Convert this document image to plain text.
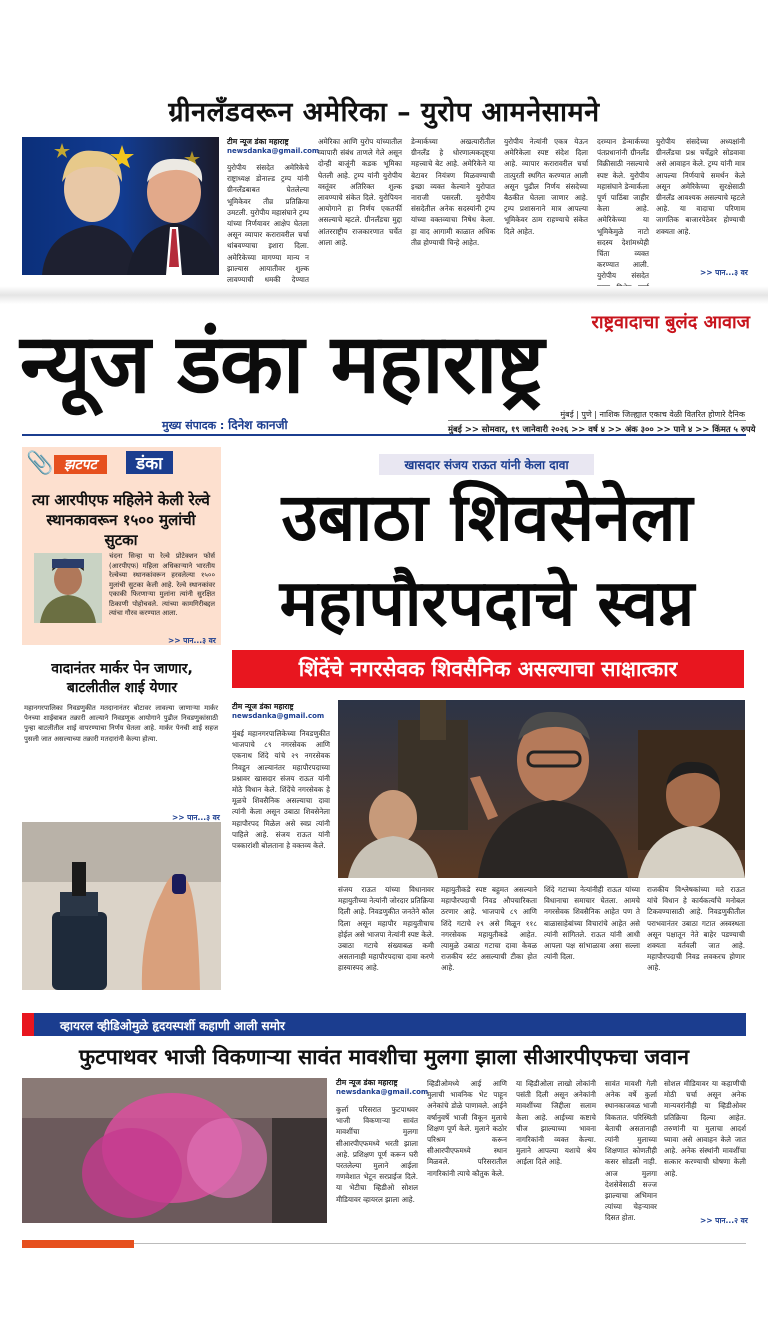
ग्रीनलँडवरून अमेरिका – युरोप आमनेसामने
टीम न्यूज डंका महाराष्ट्र
newsdanka@gmail.com
युरोपीय संसदेत अमेरिकेचे राष्ट्राध्यक्ष डोनाल्ड ट्रम्प यांनी ग्रीनलँडबाबत घेतलेल्या भूमिकेवर तीव्र प्रतिक्रिया उमटली. युरोपीय महासंघाने ट्रम्प यांच्या निर्णयावर आक्षेप घेतला असून व्यापार करारावरील चर्चा थांबवण्याचा इशारा दिला. अमेरिकेच्या मागण्या मान्य न झाल्यास आयातीवर शुल्क लावण्याची धमकी देण्यात
अमेरिका आणि युरोप यांच्यातील व्यापारी संबंध ताणले गेले असून दोन्ही बाजूंनी कडक भूमिका घेतली आहे. ट्रम्प यांनी युरोपीय वस्तूंवर अतिरिक्त शुल्क लावण्याचे संकेत दिले. युरोपियन आयोगाने हा निर्णय एकतर्फी असल्याचे म्हटले. ग्रीनलँडचा मुद्दा आंतरराष्ट्रीय राजकारणात चर्चेत आला आहे.
डेन्मार्कच्या अखत्यारीतील ग्रीनलँड हे धोरणात्मकदृष्ट्या महत्त्वाचे बेट आहे. अमेरिकेने या बेटावर नियंत्रण मिळवण्याची इच्छा व्यक्त केल्याने युरोपात नाराजी पसरली. युरोपीय संसदेतील अनेक सदस्यांनी ट्रम्प यांच्या वक्तव्याचा निषेध केला. हा वाद आगामी काळात अधिक तीव्र होण्याची चिन्हे आहेत.
युरोपीय नेत्यांनी एकत्र येऊन अमेरिकेला स्पष्ट संदेश दिला आहे. व्यापार करारावरील चर्चा तात्पुरती स्थगित करण्यात आली असून पुढील निर्णय संसदेच्या बैठकीत घेतला जाणार आहे. ट्रम्प प्रशासनाने मात्र आपल्या भूमिकेवर ठाम राहण्याचे संकेत दिले आहेत.
दरम्यान डेन्मार्कच्या पंतप्रधानांनी ग्रीनलँड विक्रीसाठी नसल्याचे स्पष्ट केले. युरोपीय महासंघाने डेन्मार्कला पूर्ण पाठिंबा जाहीर केला आहे. अमेरिकेच्या या भूमिकेमुळे नाटो सदस्य देशांमध्येही चिंता व्यक्त करण्यात आली. युरोपीय संसदेत
युरोपीय संसदेच्या अध्यक्षांनी ग्रीनलँडचा प्रश्न चर्चेद्वारे सोडवावा असे आवाहन केले. ट्रम्प यांनी मात्र आपल्या निर्णयाचे समर्थन केले असून अमेरिकेच्या सुरक्षेसाठी ग्रीनलँड आवश्यक असल्याचे म्हटले आहे. या वादाचा परिणाम जागतिक बाजारपेठेवर होण्याची शक्यता आहे.
>> पान...३ वर
राष्ट्रवादाचा बुलंद आवाज
न्यूज डंका महाराष्ट्र
मुख्य संपादक : दिनेश कानजी
मुंबई | पुणे | नाशिक जिल्ह्यात एकाच वेळी वितरित होणारे दैनिक
मुंबई >> सोमवार, १९ जानेवारी २०२६ >> वर्ष ४ >> अंक ३०० >> पाने ४ >> किंमत ५ रुपये
📎 झटपट	डंका
त्या आरपीएफ महिलेने केली रेल्वे स्थानकावरून १५०० मुलांची सुटका
चंदना सिन्हा या रेल्वे प्रोटेक्शन फोर्स (आरपीएफ) महिला अधिकाऱ्याने भारतीय रेल्वेच्या स्थानकांवरून हरवलेल्या १५०० मुलांची सुटका केली आहे. रेल्वे स्थानकांवर एकाकी फिरणाऱ्या मुलांना त्यांनी सुरक्षित ठिकाणी पोहोचवले. त्यांच्या कामगिरीबद्दल त्यांचा गौरव करण्यात आला.
>> पान...३ वर
वादानंतर मार्कर पेन जाणार, बाटलीतील शाई येणार
महानगरपालिका निवडणुकीत मतदानानंतर बोटावर लावल्या जाणाऱ्या मार्कर पेनच्या शाईबाबत तक्रारी आल्याने निवडणूक आयोगाने पुढील निवडणुकांसाठी पुन्हा बाटलीतील शाई वापरण्याचा निर्णय घेतला आहे. मार्कर पेनची शाई सहज पुसली जात असल्याच्या तक्रारी मतदारांनी केल्या होत्या.
>> पान...३ वर
खासदार संजय राऊत यांनी केला दावा
उबाठा शिवसेनेला
महापौरपदाचे स्वप्न
शिंदेंचे नगरसेवक शिवसैनिक असल्याचा साक्षात्कार
टीम न्यूज डंका महाराष्ट्र
newsdanka@gmail.com
मुंबई महानगरपालिकेच्या निवडणुकीत भाजपाचे ८९ नगरसेवक आणि एकनाथ शिंदे यांचे २९ नगरसेवक निवडून आल्यानंतर महापौरपदाच्या प्रश्नावर खासदार संजय राऊत यांनी मोठे विधान केले. शिंदेंचे नगरसेवक हे मूळचे शिवसैनिक असल्याचा दावा त्यांनी केला असून उबाठा शिवसेनेला महापौरपद मिळेल असे स्वप्न त्यांनी पाहिले आहे. संजय राऊत यांनी पत्रकारांशी बोलताना हे वक्तव्य केले.
संजय राऊत यांच्या विधानावर महायुतीच्या नेत्यांनी जोरदार प्रतिक्रिया दिली आहे. निवडणुकीत जनतेने कौल दिला असून महापौर महायुतीचाच होईल असे भाजपा नेत्यांनी स्पष्ट केले. उबाठा गटाचे संख्याबळ कमी असतानाही महापौरपदाचा दावा करणे हास्यास्पद आहे.
महायुतीकडे स्पष्ट बहुमत असल्याने महापौरपदाची निवड औपचारिकता ठरणार आहे. भाजपाचे ८९ आणि शिंदे गटाचे २९ असे मिळून ११८ नगरसेवक महायुतीकडे आहेत. त्यामुळे उबाठा गटाचा दावा केवळ राजकीय स्टंट असल्याची टीका होत आहे.
शिंदे गटाच्या नेत्यांनीही राऊत यांच्या विधानाचा समाचार घेतला. आमचे नगरसेवक शिवसैनिक आहेत पण ते बाळासाहेबांच्या विचारांचे आहेत असे त्यांनी सांगितले. राऊत यांनी आधी आपला पक्ष सांभाळावा असा सल्ला त्यांनी दिला.
राजकीय विश्लेषकांच्या मते राऊत यांचे विधान हे कार्यकर्त्यांचे मनोबल टिकवण्यासाठी आहे. निवडणुकीतील पराभवानंतर उबाठा गटात अस्वस्थता असून पक्षातून नेते बाहेर पडण्याची शक्यता वर्तवली जात आहे. महापौरपदाची निवड लवकरच होणार आहे.
व्हायरल व्हीडिओमुळे हृदयस्पर्शी कहाणी आली समोर
फुटपाथवर भाजी विकणाऱ्या सावंत मावशीचा मुलगा झाला सीआरपीएफचा जवान
टीम न्यूज डंका महाराष्ट्र
newsdanka@gmail.com
कुर्ला परिसरात फुटपाथवर भाजी विकणाऱ्या सावंत मावशींचा मुलगा सीआरपीएफमध्ये भरती झाला आहे. प्रशिक्षण पूर्ण करून घरी परतलेल्या मुलाने आईला गणवेशात भेटून सरप्राईज दिले. या भेटीचा व्हिडीओ सोशल मीडियावर व्हायरल झाला आहे.
व्हिडीओमध्ये आई आणि मुलाची भावनिक भेट पाहून अनेकांचे डोळे पाणावले. आईने वर्षानुवर्षे भाजी विकून मुलाचे शिक्षण पूर्ण केले. मुलाने कठोर परिश्रम करून सीआरपीएफमध्ये स्थान मिळवले. परिसरातील नागरिकांनी त्याचे कौतुक केले.
या व्हिडीओला लाखो लोकांनी पसंती दिली असून अनेकांनी मावशींच्या जिद्दीला सलाम केला आहे. आईच्या कष्टाचे चीज झाल्याच्या भावना नागरिकांनी व्यक्त केल्या. मुलाने आपल्या यशाचे श्रेय आईला दिले आहे.
सावंत मावशी गेली अनेक वर्षे कुर्ला स्थानकाजवळ भाजी विकतात. परिस्थिती बेताची असतानाही त्यांनी मुलाच्या शिक्षणात कोणतीही कसर सोडली नाही. आज मुलगा देशसेवेसाठी सज्ज झाल्याचा अभिमान त्यांच्या चेहऱ्यावर दिसत होता.
सोशल मीडियावर या कहाणीची मोठी चर्चा असून अनेक मान्यवरांनीही या व्हिडीओवर प्रतिक्रिया दिल्या आहेत. तरुणांनी या मुलाचा आदर्श घ्यावा असे आवाहन केले जात आहे. अनेक संस्थांनी मावशींचा सत्कार करण्याची घोषणा केली आहे.
>> पान...२ वर
